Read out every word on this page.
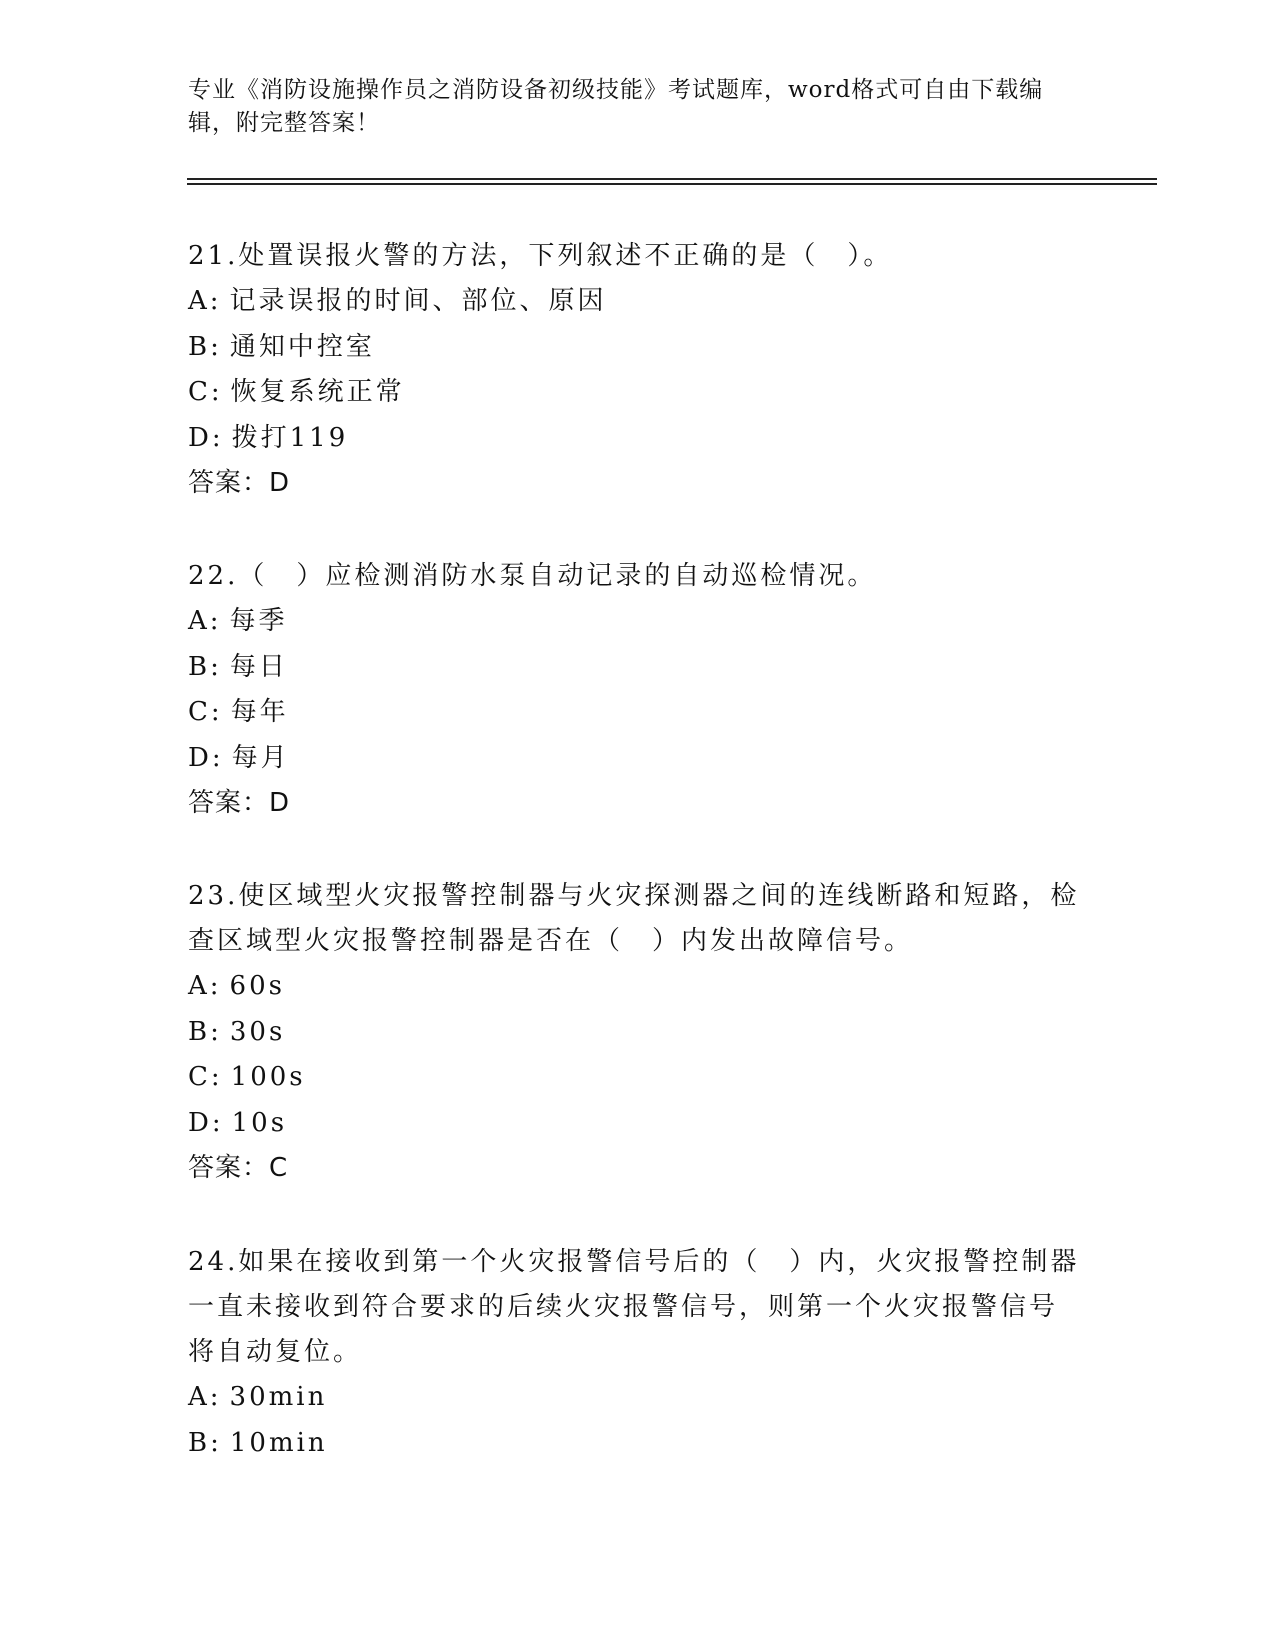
专业《消防设施操作员之消防设备初级技能》考试题库，word格式可自由下载编

辑，附完整答案！

21.处置误报火警的方法，下列叙述不正确的是（　）。

A: 记录误报的时间、部位、原因

B: 通知中控室

C: 恢复系统正常

D: 拨打119

答案：D

22.（　）应检测消防水泵自动记录的自动巡检情况。

A: 每季

B: 每日

C: 每年

D: 每月

答案：D

23.使区域型火灾报警控制器与火灾探测器之间的连线断路和短路，检

查区域型火灾报警控制器是否在（　）内发出故障信号。

A: 60s

B: 30s

C: 100s

D: 10s

答案：C

24.如果在接收到第一个火灾报警信号后的（　）内，火灾报警控制器

一直未接收到符合要求的后续火灾报警信号，则第一个火灾报警信号

将自动复位。

A: 30min

B: 10min
